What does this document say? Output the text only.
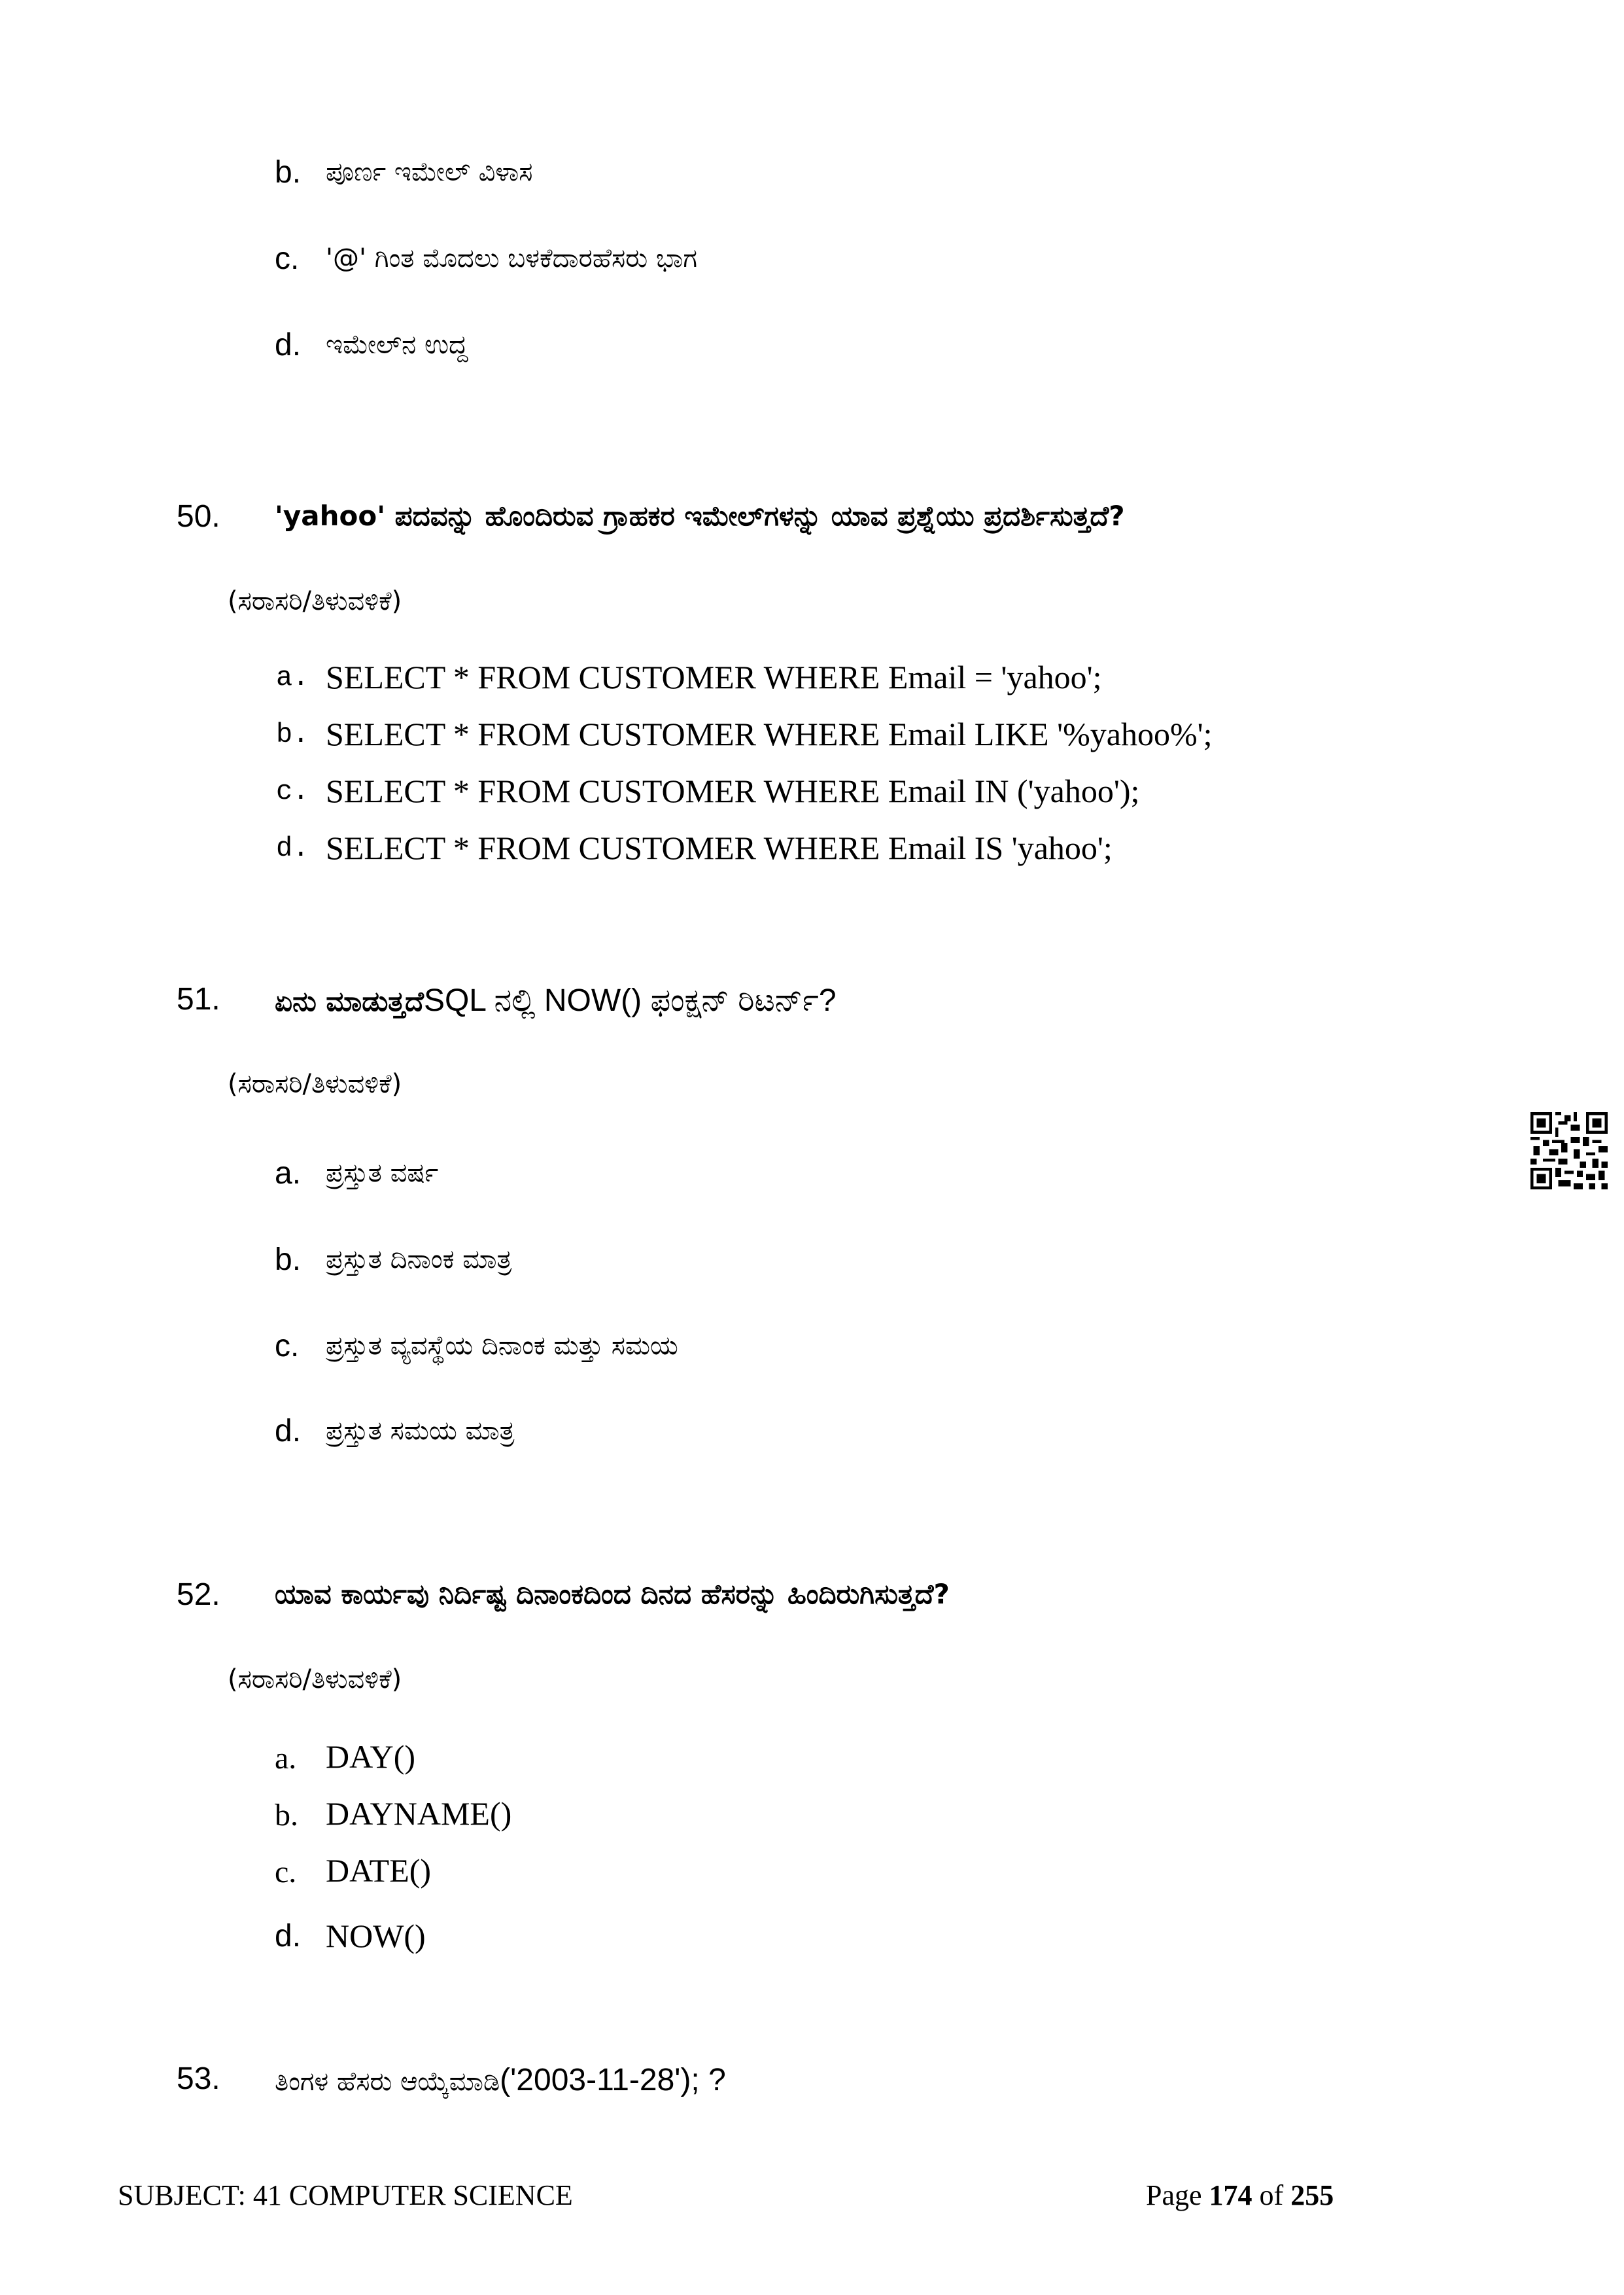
b. ಪೂರ್ಣ ಇಮೇಲ್ ವಿಳಾಸ
c. '@' ಗಿಂತ ಮೊದಲು ಬಳಕೆದಾರಹೆಸರು ಭಾಗ
d. ಇಮೇಲ್‌ನ ಉದ್ದ
50. 'yahoo' ಪದವನ್ನು ಹೊಂದಿರುವ ಗ್ರಾಹಕರ ಇಮೇಲ್‌ಗಳನ್ನು ಯಾವ ಪ್ರಶ್ನೆಯು ಪ್ರದರ್ಶಿಸುತ್ತದೆ?
(ಸರಾಸರಿ/ತಿಳುವಳಿಕೆ)
a. SELECT * FROM CUSTOMER WHERE Email = 'yahoo';
b. SELECT * FROM CUSTOMER WHERE Email LIKE '%yahoo%';
c. SELECT * FROM CUSTOMER WHERE Email IN ('yahoo');
d. SELECT * FROM CUSTOMER WHERE Email IS 'yahoo';
51. ಏನು ಮಾಡುತ್ತದೆSQL ನಲ್ಲಿ NOW() ಫಂಕ್ಷನ್ ರಿಟರ್ನ್?
(ಸರಾಸರಿ/ತಿಳುವಳಿಕೆ)
a. ಪ್ರಸ್ತುತ ವರ್ಷ
b. ಪ್ರಸ್ತುತ ದಿನಾಂಕ ಮಾತ್ರ
c. ಪ್ರಸ್ತುತ ವ್ಯವಸ್ಥೆಯ ದಿನಾಂಕ ಮತ್ತು ಸಮಯ
d. ಪ್ರಸ್ತುತ ಸಮಯ ಮಾತ್ರ
52. ಯಾವ ಕಾರ್ಯವು ನಿರ್ದಿಷ್ಟ ದಿನಾಂಕದಿಂದ ದಿನದ ಹೆಸರನ್ನು ಹಿಂದಿರುಗಿಸುತ್ತದೆ?
(ಸರಾಸರಿ/ತಿಳುವಳಿಕೆ)
a. DAY()
b. DAYNAME()
c. DATE()
d. NOW()
53. ತಿಂಗಳ ಹೆಸರು ಆಯ್ಕೆಮಾಡಿ('2003-11-28'); ?
SUBJECT: 41 COMPUTER SCIENCE	Page 174 of 255
